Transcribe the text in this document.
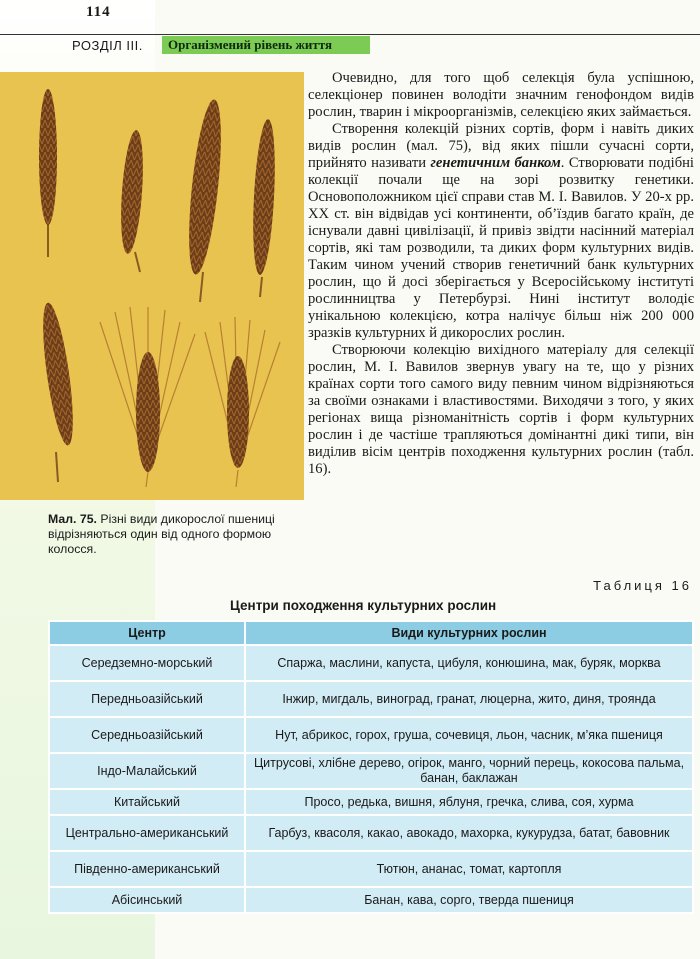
114
РОЗДІЛ III.	Організмений рівень життя
Мал. 75. Різні види дикорослої пшениці відрізняються один від одного формою колосся.

Очевидно, для того щоб селекція була успішною, селекціонер повинен володіти значним генофондом видів рослин, тварин і мікроорганізмів, селекцією яких займається.

Створення колекцій різних сортів, форм і навіть диких видів рослин (мал. 75), від яких пішли сучасні сорти, прийнято називати генетичним банком. Створювати подібні колекції почали ще на зорі розвитку генетики. Основоположником цієї справи став М. І. Вавилов. У 20-х рр. XX ст. він відвідав усі континенти, об’їздив багато країн, де існували давні цивілізації, й привіз звідти насінний матеріал сортів, які там розводили, та диких форм культурних видів. Таким чином учений створив генетичний банк культурних рослин, що й досі зберігається у Всеросійському інституті рослинництва у Петербурзі. Нині інститут володіє унікальною колекцією, котра налічує більш ніж 200 000 зразків культурних й дикорослих рослин.

Створюючи колекцію вихідного матеріалу для селекції рослин, М. І. Вавилов звернув увагу на те, що у різних країнах сорти того самого виду певним чином відрізняються за своїми ознаками і властивостями. Виходячи з того, у яких регіонах вища різноманітність сортів і форм культурних рослин і де частіше трапляються домінантні дикі типи, він виділив вісім центрів походження культурних рослин (табл. 16).

Таблиця 16
Центри походження культурних рослин
Центр	Види культурних рослин
Середземно-морський	Спаржа, маслини, капуста, цибуля, конюшина, мак, буряк, морква
Передньоазійський	Інжир, мигдаль, виноград, гранат, люцерна, жито, диня, троянда
Середньоазійський	Нут, абрикос, горох, груша, сочевиця, льон, часник, м’яка пшениця
Індо-Малайський	Цитрусові, хлібне дерево, огірок, манго, чорний перець, кокосова пальма, банан, баклажан
Китайський	Просо, редька, вишня, яблуня, гречка, слива, соя, хурма
Центрально-американський	Гарбуз, квасоля, какао, авокадо, махорка, кукурудза, батат, бавовник
Південно-американський	Тютюн, ананас, томат, картопля
Абісинський	Банан, кава, сорго, тверда пшениця
